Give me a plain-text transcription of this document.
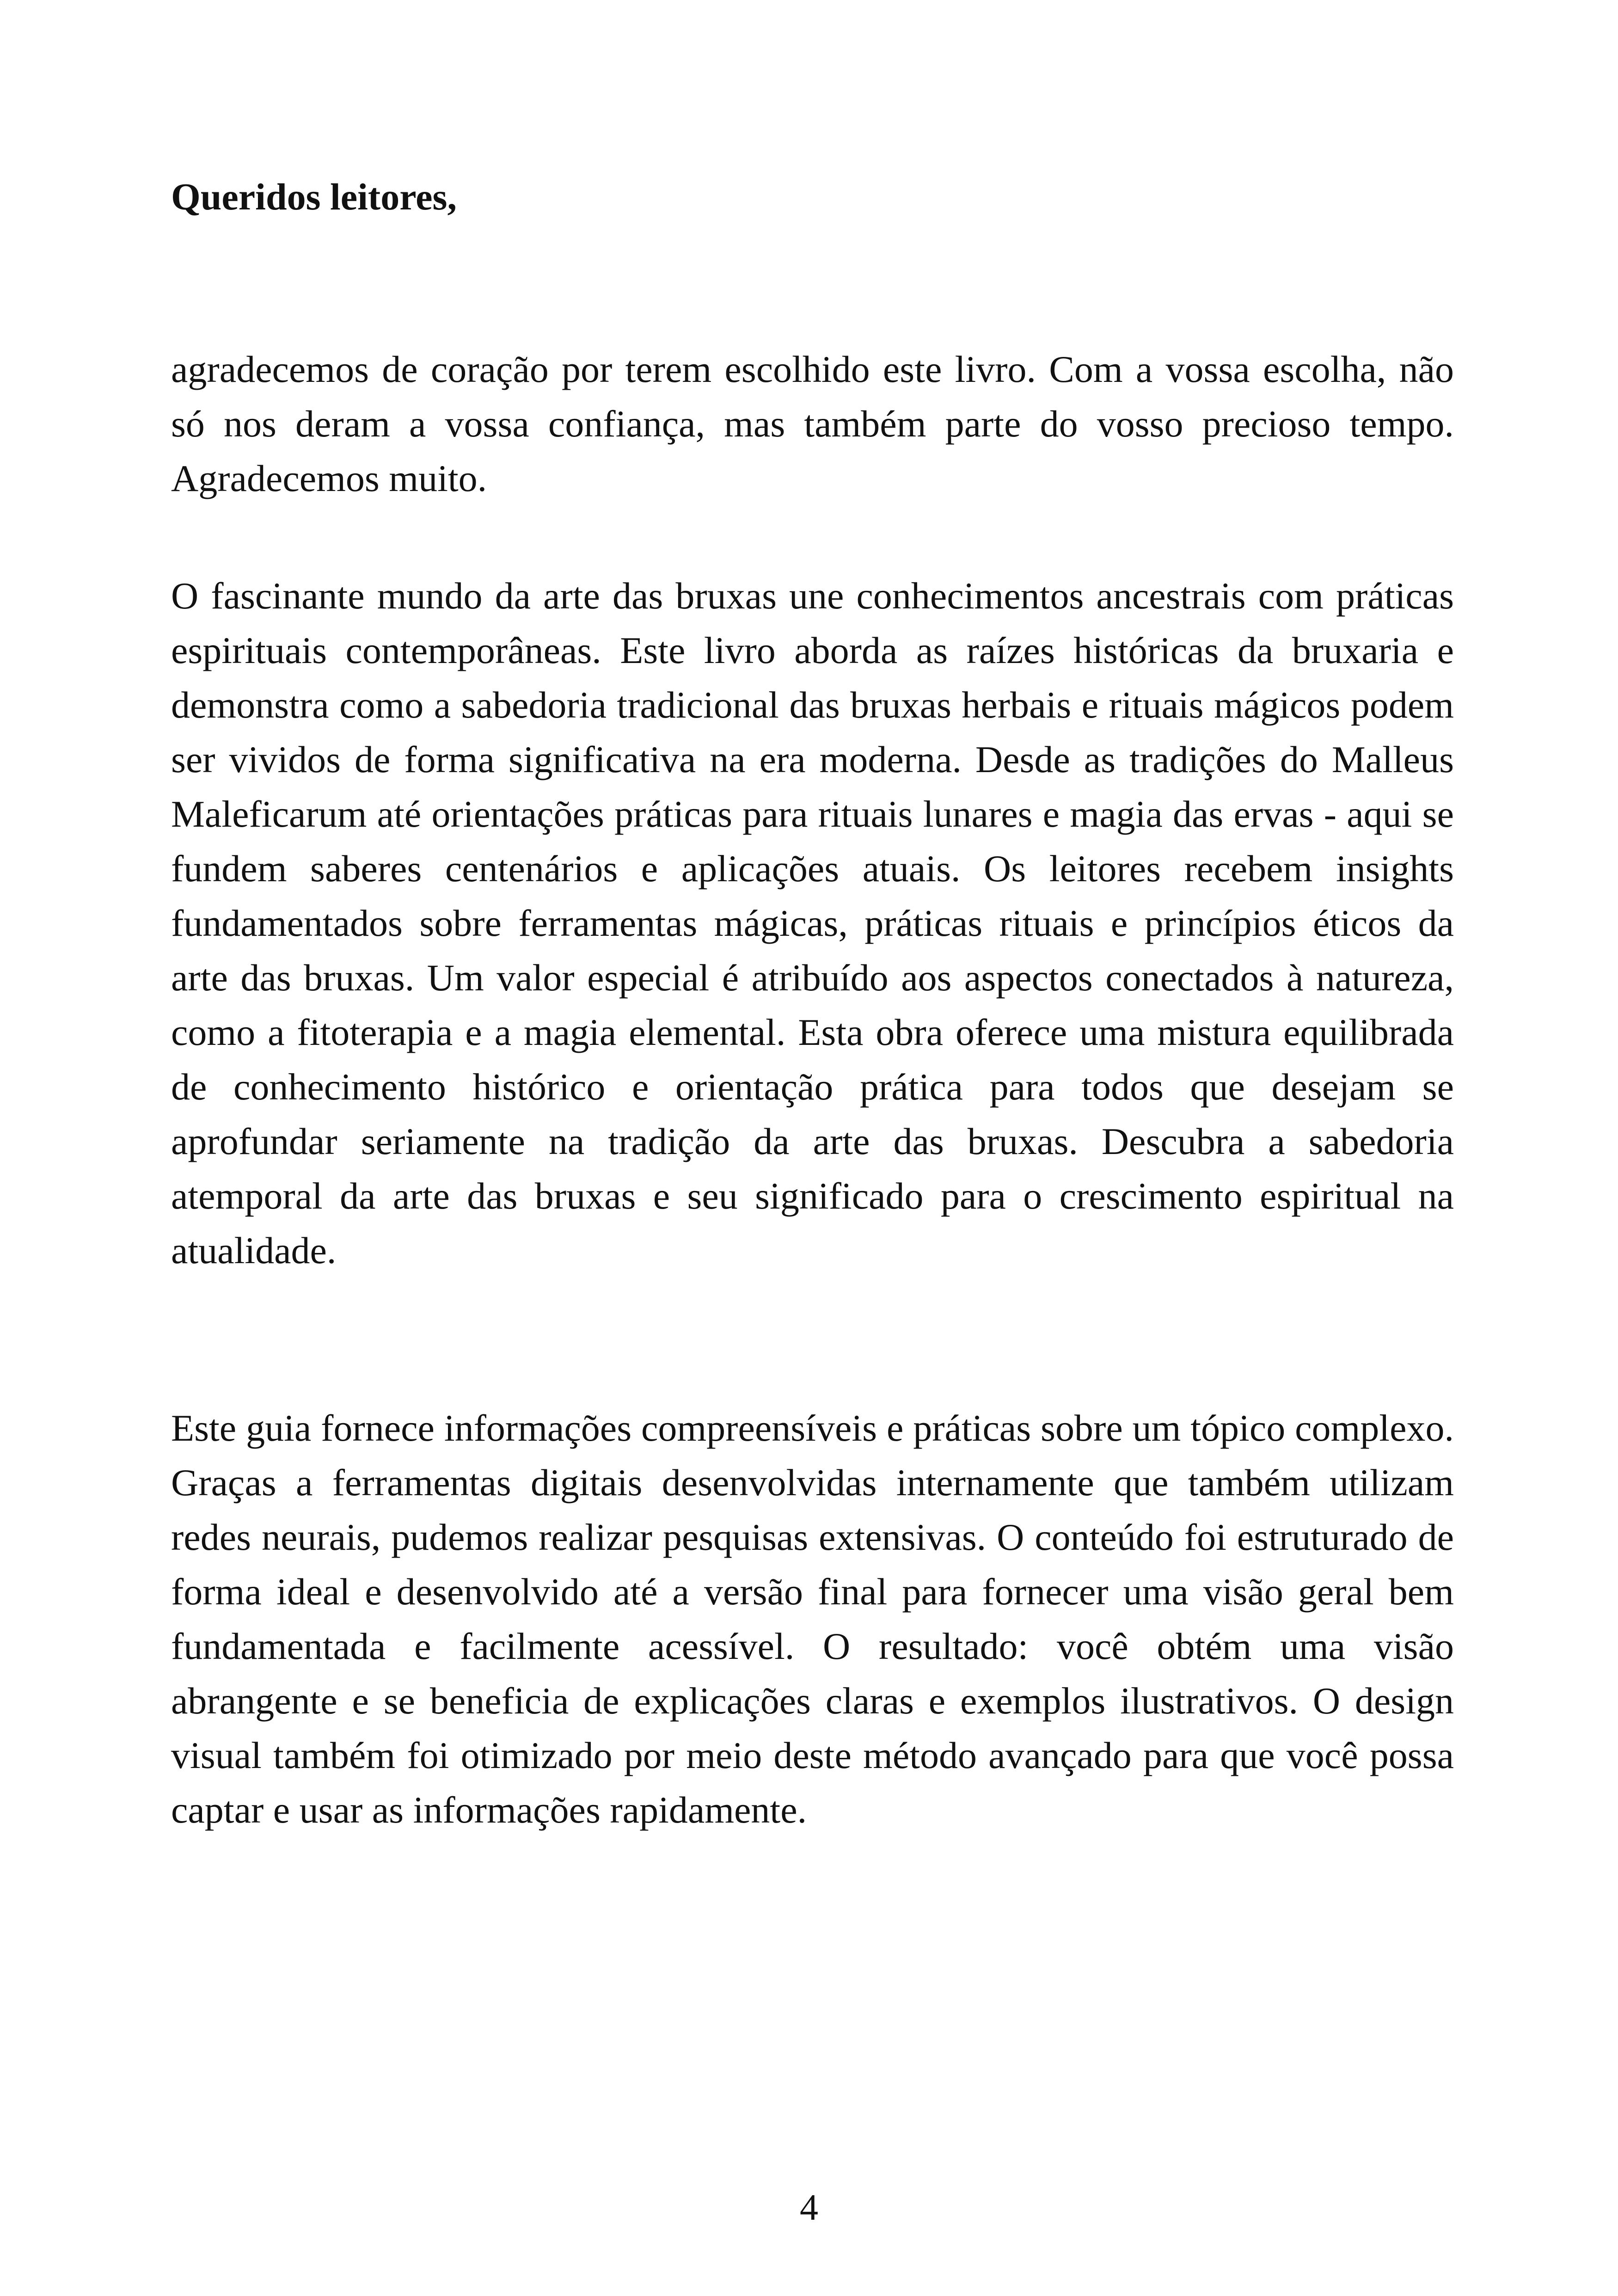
Queridos leitores,

agradecemos de coração por terem escolhido este livro. Com a vossa escolha, não só nos deram a vossa confiança, mas também parte do vosso precioso tempo. Agradecemos muito.

O fascinante mundo da arte das bruxas une conhecimentos ancestrais com práticas espirituais contemporâneas. Este livro aborda as raízes históricas da bruxaria e demonstra como a sabedoria tradicional das bruxas herbais e rituais mágicos podem ser vividos de forma significativa na era moderna. Desde as tradições do Malleus Maleficarum até orientações práticas para rituais lunares e magia das ervas - aqui se fundem saberes centenários e aplicações atuais. Os leitores recebem insights fundamentados sobre ferramentas mágicas, práticas rituais e princípios éticos da arte das bruxas. Um valor especial é atribuído aos aspectos conectados à natureza, como a fitoterapia e a magia elemental. Esta obra oferece uma mistura equilibrada de conhecimento histórico e orientação prática para todos que desejam se aprofundar seriamente na tradição da arte das bruxas. Descubra a sabedoria atemporal da arte das bruxas e seu significado para o crescimento espiritual na atualidade.

Este guia fornece informações compreensíveis e práticas sobre um tópico complexo. Graças a ferramentas digitais desenvolvidas internamente que também utilizam redes neurais, pudemos realizar pesquisas extensivas. O conteúdo foi estruturado de forma ideal e desenvolvido até a versão final para fornecer uma visão geral bem fundamentada e facilmente acessível. O resultado: você obtém uma visão abrangente e se beneficia de explicações claras e exemplos ilustrativos. O design visual também foi otimizado por meio deste método avançado para que você possa captar e usar as informações rapidamente.

4
